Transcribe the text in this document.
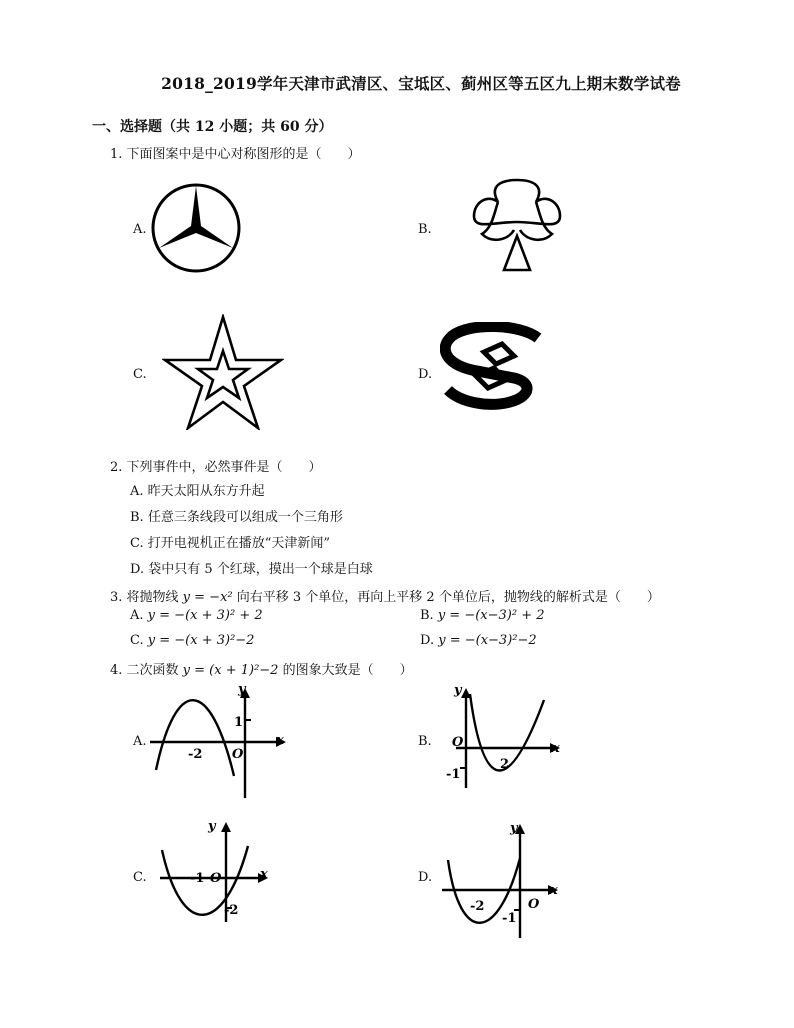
2018_2019学年天津市武清区、宝坻区、蓟州区等五区九上期末数学试卷
一、选择题（共 12 小题；共 60 分）
1. 下面图案中是中心对称图形的是（　　）
A.	B.
C.	D.
2. 下列事件中，必然事件是（　　）
A. 昨天太阳从东方升起
B. 任意三条线段可以组成一个三角形
C. 打开电视机正在播放“天津新闻”
D. 袋中只有 5 个红球，摸出一个球是白球
3. 将抛物线 y = −x² 向右平移 3 个单位，再向上平移 2 个单位后，抛物线的解析式是（　　）
A. y = −(x + 3)² + 2	B. y = −(x−3)² + 2
C. y = −(x + 3)²−2	D. y = −(x−3)²−2
4. 二次函数 y = (x + 1)²−2 的图象大致是（　　）
A.	x
y
O
-2
1
B.	x
y
O
2
-1
C.	x
y
O
-1
-2
D.
x
y
O
-2
-1
